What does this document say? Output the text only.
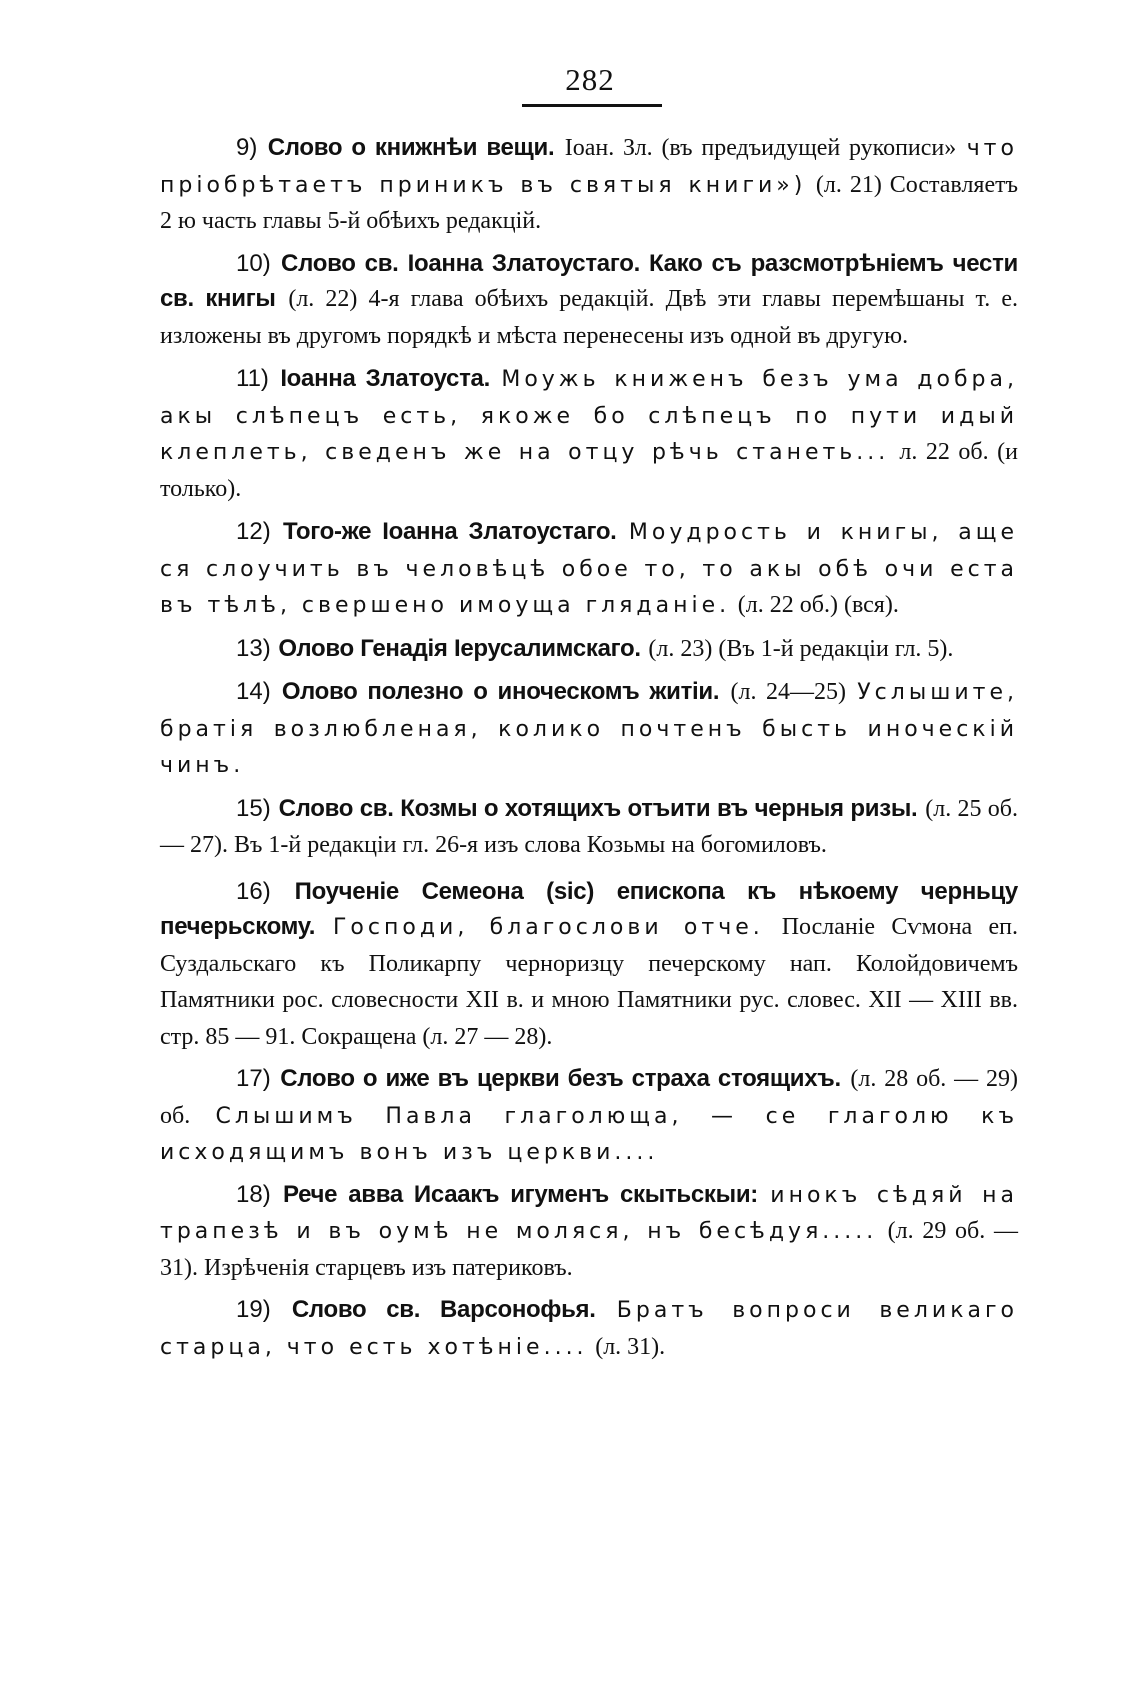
282

9) Слово о книжнѣи вещи. Іоан. Зл. (въ предъидущей рукописи» что пріобрѣтаетъ приникъ въ святыя книги») (л. 21) Составляетъ 2 ю часть главы 5-й обѣихъ редакцій.

10) Слово св. Іоанна Златоустаго. Како съ разсмотрѣніемъ чести св. книгы (л. 22) 4-я глава обѣихъ редакцій. Двѣ эти главы перемѣшаны т. е. изложены въ другомъ порядкѣ и мѣста перенесены изъ одной въ другую.

11) Іоанна Златоуста. Моужь книженъ безъ ума добра, акы слѣпецъ есть, якоже бо слѣпецъ по пути идый клеплеть, сведенъ же на отцу рѣчь станеть... л. 22 об. (и только).

12) Того-же Іоанна Златоустаго. Моудрость и книгы, аще ся слоучить въ человѣцѣ обое то, то акы обѣ очи еста въ тѣлѣ, свершено имоуща гляданіе. (л. 22 об.) (вся).

13) Олово Генадія Іерусалимскаго. (л. 23) (Въ 1-й редакціи гл. 5).

14) Олово полезно о иноческомъ житіи. (л. 24—25) Услышите, братія возлюбленая, колико почтенъ бысть иноческій чинъ.

15) Слово св. Козмы о хотящихъ отъити въ черныя ризы. (л. 25 об. — 27). Въ 1-й редакціи гл. 26-я изъ слова Козьмы на богомиловъ.

16) Поученіе Семеона (sic) епископа къ нѣкоему черньцу печерьскому. Господи, благослови отче. Посланіе Сѵмона еп. Суздальскаго къ Поликарпу черноризцу печерскому нап. Колойдовичемъ Памятники рос. словесности XII в. и мною Памятники рус. словес. XII — XIII вв. стр. 85 — 91. Сокращена (л. 27 — 28).

17) Слово о иже въ церкви безъ страха стоящихъ. (л. 28 об. — 29) об. Слышимъ Павла глаголюща, — се глаголю къ исходящимъ вонъ изъ церкви....

18) Рече авва Исаакъ игуменъ скытьскыи: инокъ сѣдяй на трапезѣ и въ оумѣ не моляся, нъ бесѣдуя..... (л. 29 об. — 31). Изрѣченія старцевъ изъ патериковъ.

19) Слово св. Варсонофья. Братъ вопроси великаго старца, что есть хотѣніе.... (л. 31).
